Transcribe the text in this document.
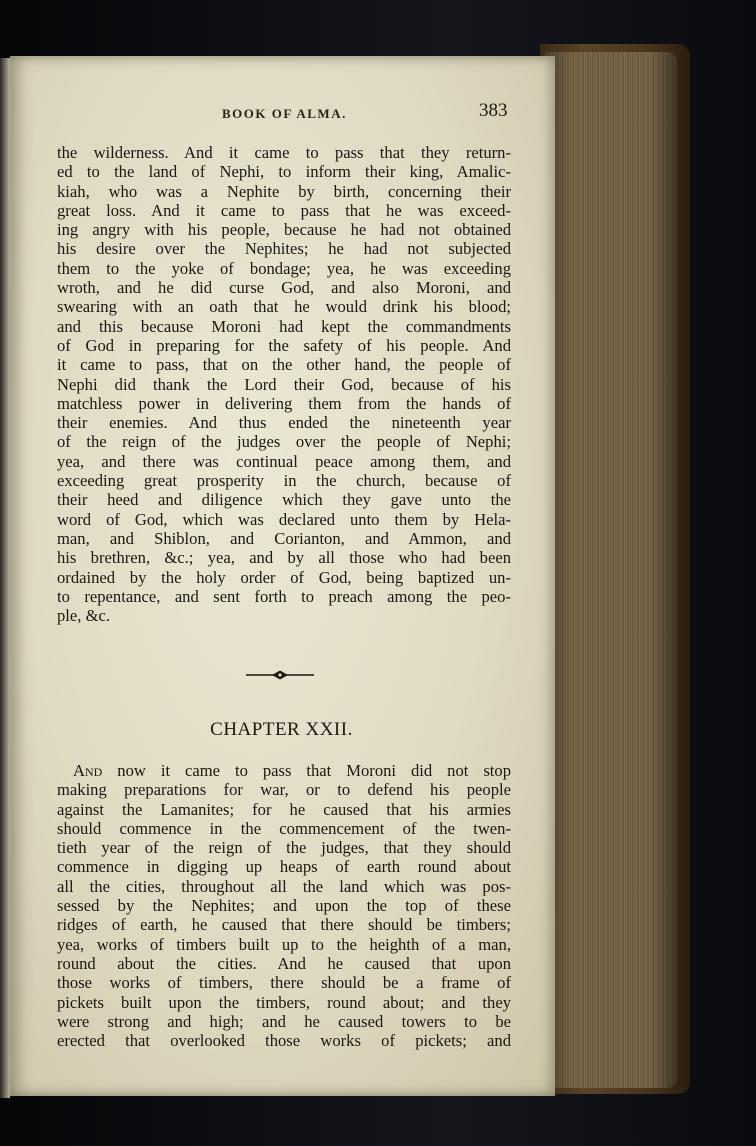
BOOK OF ALMA.	383
the wilderness. And it came to pass that they return-
ed to the land of Nephi, to inform their king, Amalic-
kiah, who was a Nephite by birth, concerning their
great loss. And it came to pass that he was exceed-
ing angry with his people, because he had not obtained
his desire over the Nephites; he had not subjected
them to the yoke of bondage; yea, he was exceeding
wroth, and he did curse God, and also Moroni, and
swearing with an oath that he would drink his blood;
and this because Moroni had kept the commandments
of God in preparing for the safety of his people. And
it came to pass, that on the other hand, the people of
Nephi did thank the Lord their God, because of his
matchless power in delivering them from the hands of
their enemies. And thus ended the nineteenth year
of the reign of the judges over the people of Nephi;
yea, and there was continual peace among them, and
exceeding great prosperity in the church, because of
their heed and diligence which they gave unto the
word of God, which was declared unto them by Hela-
man, and Shiblon, and Corianton, and Ammon, and
his brethren, &c.; yea, and by all those who had been
ordained by the holy order of God, being baptized un-
to repentance, and sent forth to preach among the peo-
ple, &c.
CHAPTER XXII.
And now it came to pass that Moroni did not stop
making preparations for war, or to defend his people
against the Lamanites; for he caused that his armies
should commence in the commencement of the twen-
tieth year of the reign of the judges, that they should
commence in digging up heaps of earth round about
all the cities, throughout all the land which was pos-
sessed by the Nephites; and upon the top of these
ridges of earth, he caused that there should be timbers;
yea, works of timbers built up to the heighth of a man,
round about the cities. And he caused that upon
those works of timbers, there should be a frame of
pickets built upon the timbers, round about; and they
were strong and high; and he caused towers to be
erected that overlooked those works of pickets; and
